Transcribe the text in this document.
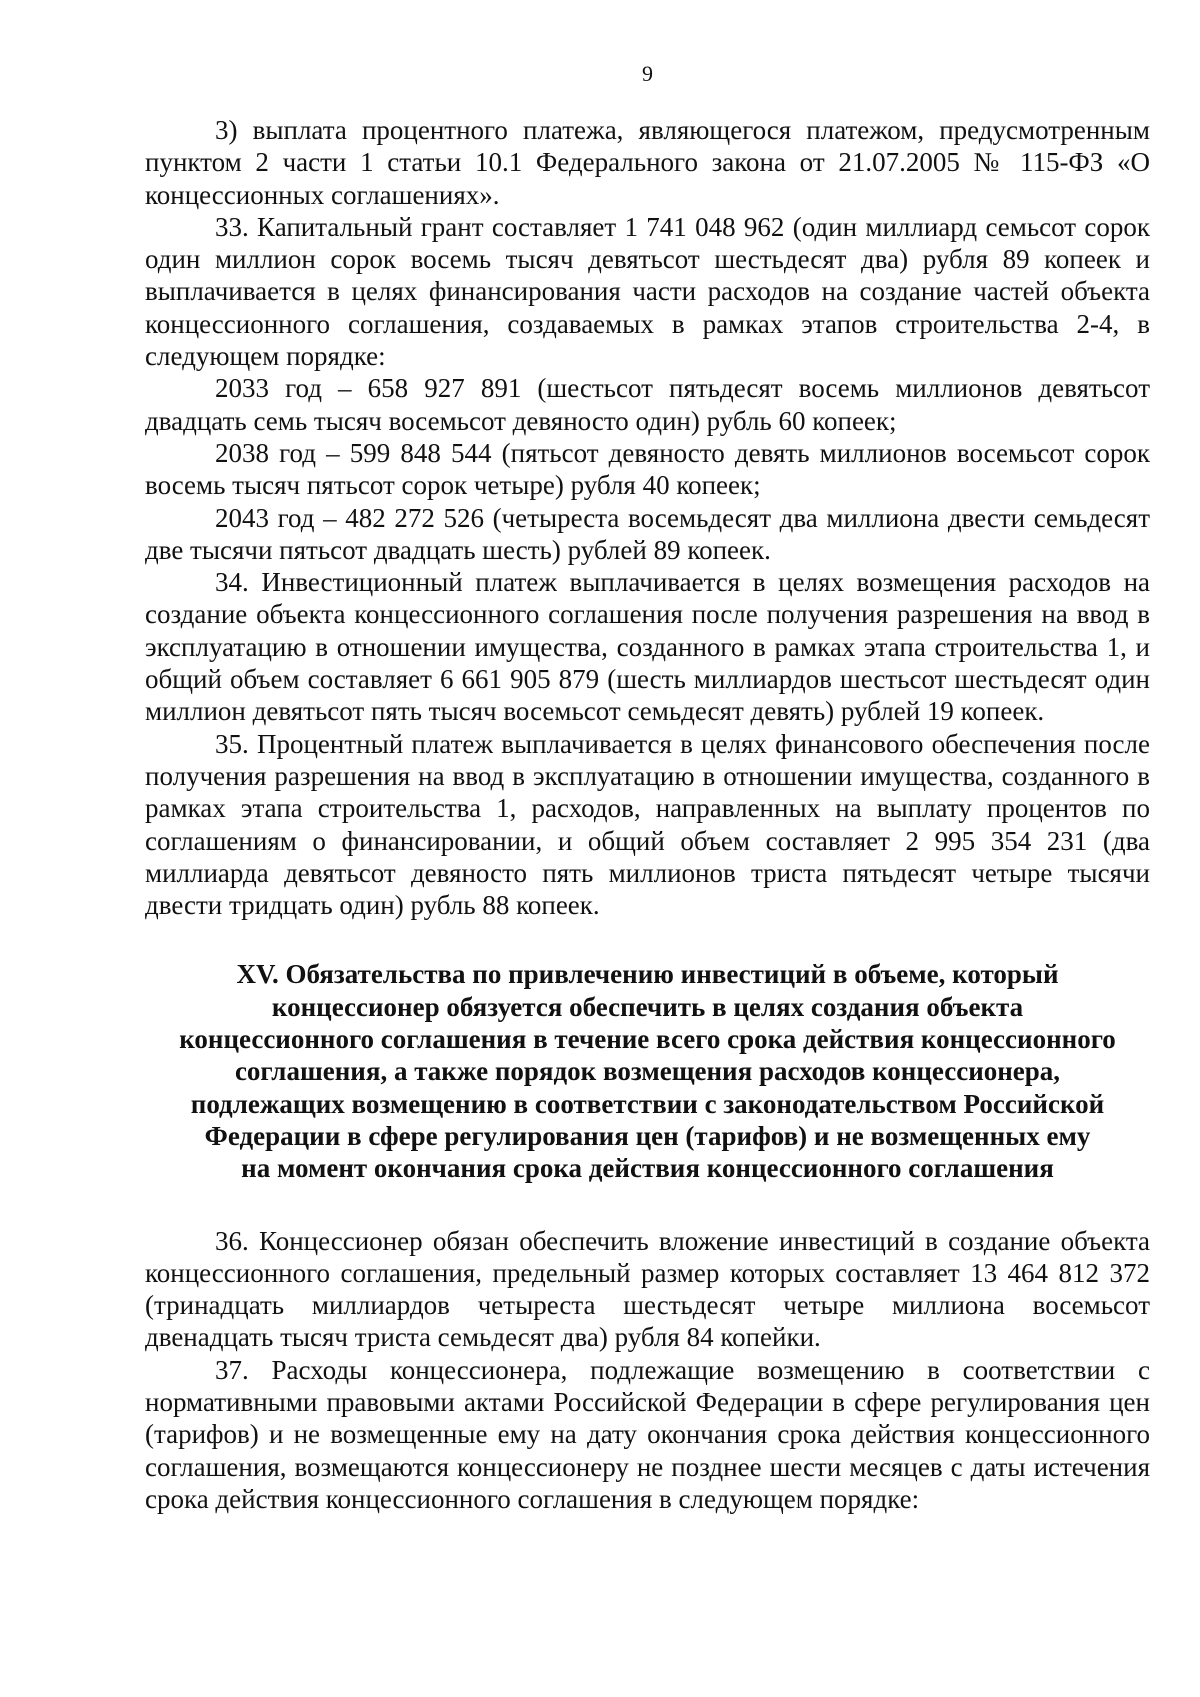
9

3) выплата процентного платежа, являющегося платежом, предусмотренным пунктом 2 части 1 статьи 10.1 Федерального закона от 21.07.2005 № 115-ФЗ «О концессионных соглашениях».

33. Капитальный грант составляет 1 741 048 962 (один миллиард семьсот сорок один миллион сорок восемь тысяч девятьсот шестьдесят два) рубля 89 копеек и выплачивается в целях финансирования части расходов на создание частей объекта концессионного соглашения, создаваемых в рамках этапов строительства 2-4, в следующем порядке:

2033 год – 658 927 891 (шестьсот пятьдесят восемь миллионов девятьсот двадцать семь тысяч восемьсот девяносто один) рубль 60 копеек;

2038 год – 599 848 544 (пятьсот девяносто девять миллионов восемьсот сорок восемь тысяч пятьсот сорок четыре) рубля 40 копеек;

2043 год – 482 272 526 (четыреста восемьдесят два миллиона двести семьдесят две тысячи пятьсот двадцать шесть) рублей 89 копеек.

34. Инвестиционный платеж выплачивается в целях возмещения расходов на создание объекта концессионного соглашения после получения разрешения на ввод в эксплуатацию в отношении имущества, созданного в рамках этапа строительства 1, и общий объем составляет 6 661 905 879 (шесть миллиардов шестьсот шестьдесят один миллион девятьсот пять тысяч восемьсот семьдесят девять) рублей 19 копеек.

35. Процентный платеж выплачивается в целях финансового обеспечения после получения разрешения на ввод в эксплуатацию в отношении имущества, созданного в рамках этапа строительства 1, расходов, направленных на выплату процентов по соглашениям о финансировании, и общий объем составляет 2 995 354 231 (два миллиарда девятьсот девяносто пять миллионов триста пятьдесят четыре тысячи двести тридцать один) рубль 88 копеек.

XV. Обязательства по привлечению инвестиций в объеме, который
концессионер обязуется обеспечить в целях создания объекта
концессионного соглашения в течение всего срока действия концессионного
соглашения, а также порядок возмещения расходов концессионера,
подлежащих возмещению в соответствии с законодательством Российской
Федерации в сфере регулирования цен (тарифов) и не возмещенных ему
на момент окончания срока действия концессионного соглашения

36. Концессионер обязан обеспечить вложение инвестиций в создание объекта концессионного соглашения, предельный размер которых составляет 13 464 812 372 (тринадцать миллиардов четыреста шестьдесят четыре миллиона восемьсот двенадцать тысяч триста семьдесят два) рубля 84 копейки.

37. Расходы концессионера, подлежащие возмещению в соответствии с нормативными правовыми актами Российской Федерации в сфере регулирования цен (тарифов) и не возмещенные ему на дату окончания срока действия концессионного соглашения, возмещаются концессионеру не позднее шести месяцев с даты истечения срока действия концессионного соглашения в следующем порядке:
